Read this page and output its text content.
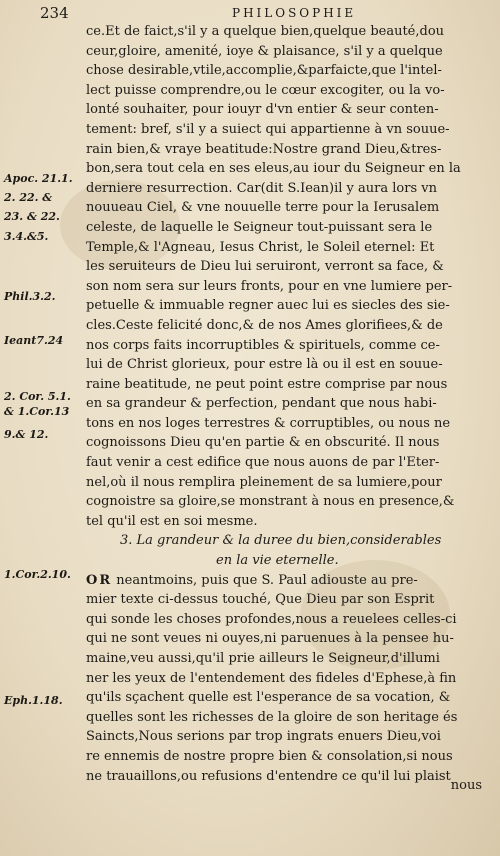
234	PHILOSOPHIE
Apoc. 21.1.
2. 22. &
23. & 22.
3.4.&5.
Phil.3.2.
Ieant7.24
2. Cor. 5.1.
& 1.Cor.13
9.& 12.
1.Cor.2.10.
Eph.1.18.
ce.Et de faict,s'il y a quelque bien,quelque beauté,dou
ceur,gloire, amenité, ioye & plaisance, s'il y a quelque
chose desirable,vtile,accomplie,&parfaicte,que l'intel-
lect puisse comprendre,ou le cœur excogiter, ou la vo-
lonté souhaiter, pour iouyr d'vn entier & seur conten-
tement: bref, s'il y a suiect qui appartienne à vn souue-
rain bien,& vraye beatitude:Nostre grand Dieu,&tres-
bon,sera tout cela en ses eleus,au iour du Seigneur en la
derniere resurrection. Car(dit S.Iean)il y aura lors vn
nouueau Ciel, & vne nouuelle terre pour la Ierusalem
celeste, de laquelle le Seigneur tout-puissant sera le
Temple,& l'Agneau, Iesus Christ, le Soleil eternel: Et
les seruiteurs de Dieu lui seruiront, verront sa face, &
son nom sera sur leurs fronts, pour en vne lumiere per-
petuelle & immuable regner auec lui es siecles des sie-
cles.Ceste felicité donc,& de nos Ames glorifiees,& de
nos corps faits incorruptibles & spirituels, comme ce-
lui de Christ glorieux, pour estre là ou il est en souue-
raine beatitude, ne peut point estre comprise par nous
en sa grandeur & perfection, pendant que nous habi-
tons en nos loges terrestres & corruptibles, ou nous ne
cognoissons Dieu qu'en partie & en obscurité. Il nous
faut venir a cest edifice que nous auons de par l'Eter-
nel,où il nous remplira pleinement de sa lumiere,pour
cognoistre sa gloire,se monstrant à nous en presence,&
tel qu'il est en soi mesme.
3. La grandeur & la duree du bien,considerables
en la vie eternelle.
OR neantmoins, puis que S. Paul adiouste au pre-
mier texte ci-dessus touché, Que Dieu par son Esprit
qui sonde les choses profondes,nous a reuelees celles-ci
qui ne sont veues ni ouyes,ni paruenues à la pensee hu-
maine,veu aussi,qu'il prie ailleurs le Seigneur,d'illumi
ner les yeux de l'entendement des fideles d'Ephese,à fin
qu'ils sçachent quelle est l'esperance de sa vocation, &
quelles sont les richesses de la gloire de son heritage és
Saincts,Nous serions par trop ingrats enuers Dieu,voi
re ennemis de nostre propre bien & consolation,si nous
ne trauaillons,ou refusions d'entendre ce qu'il lui plaist
nous
